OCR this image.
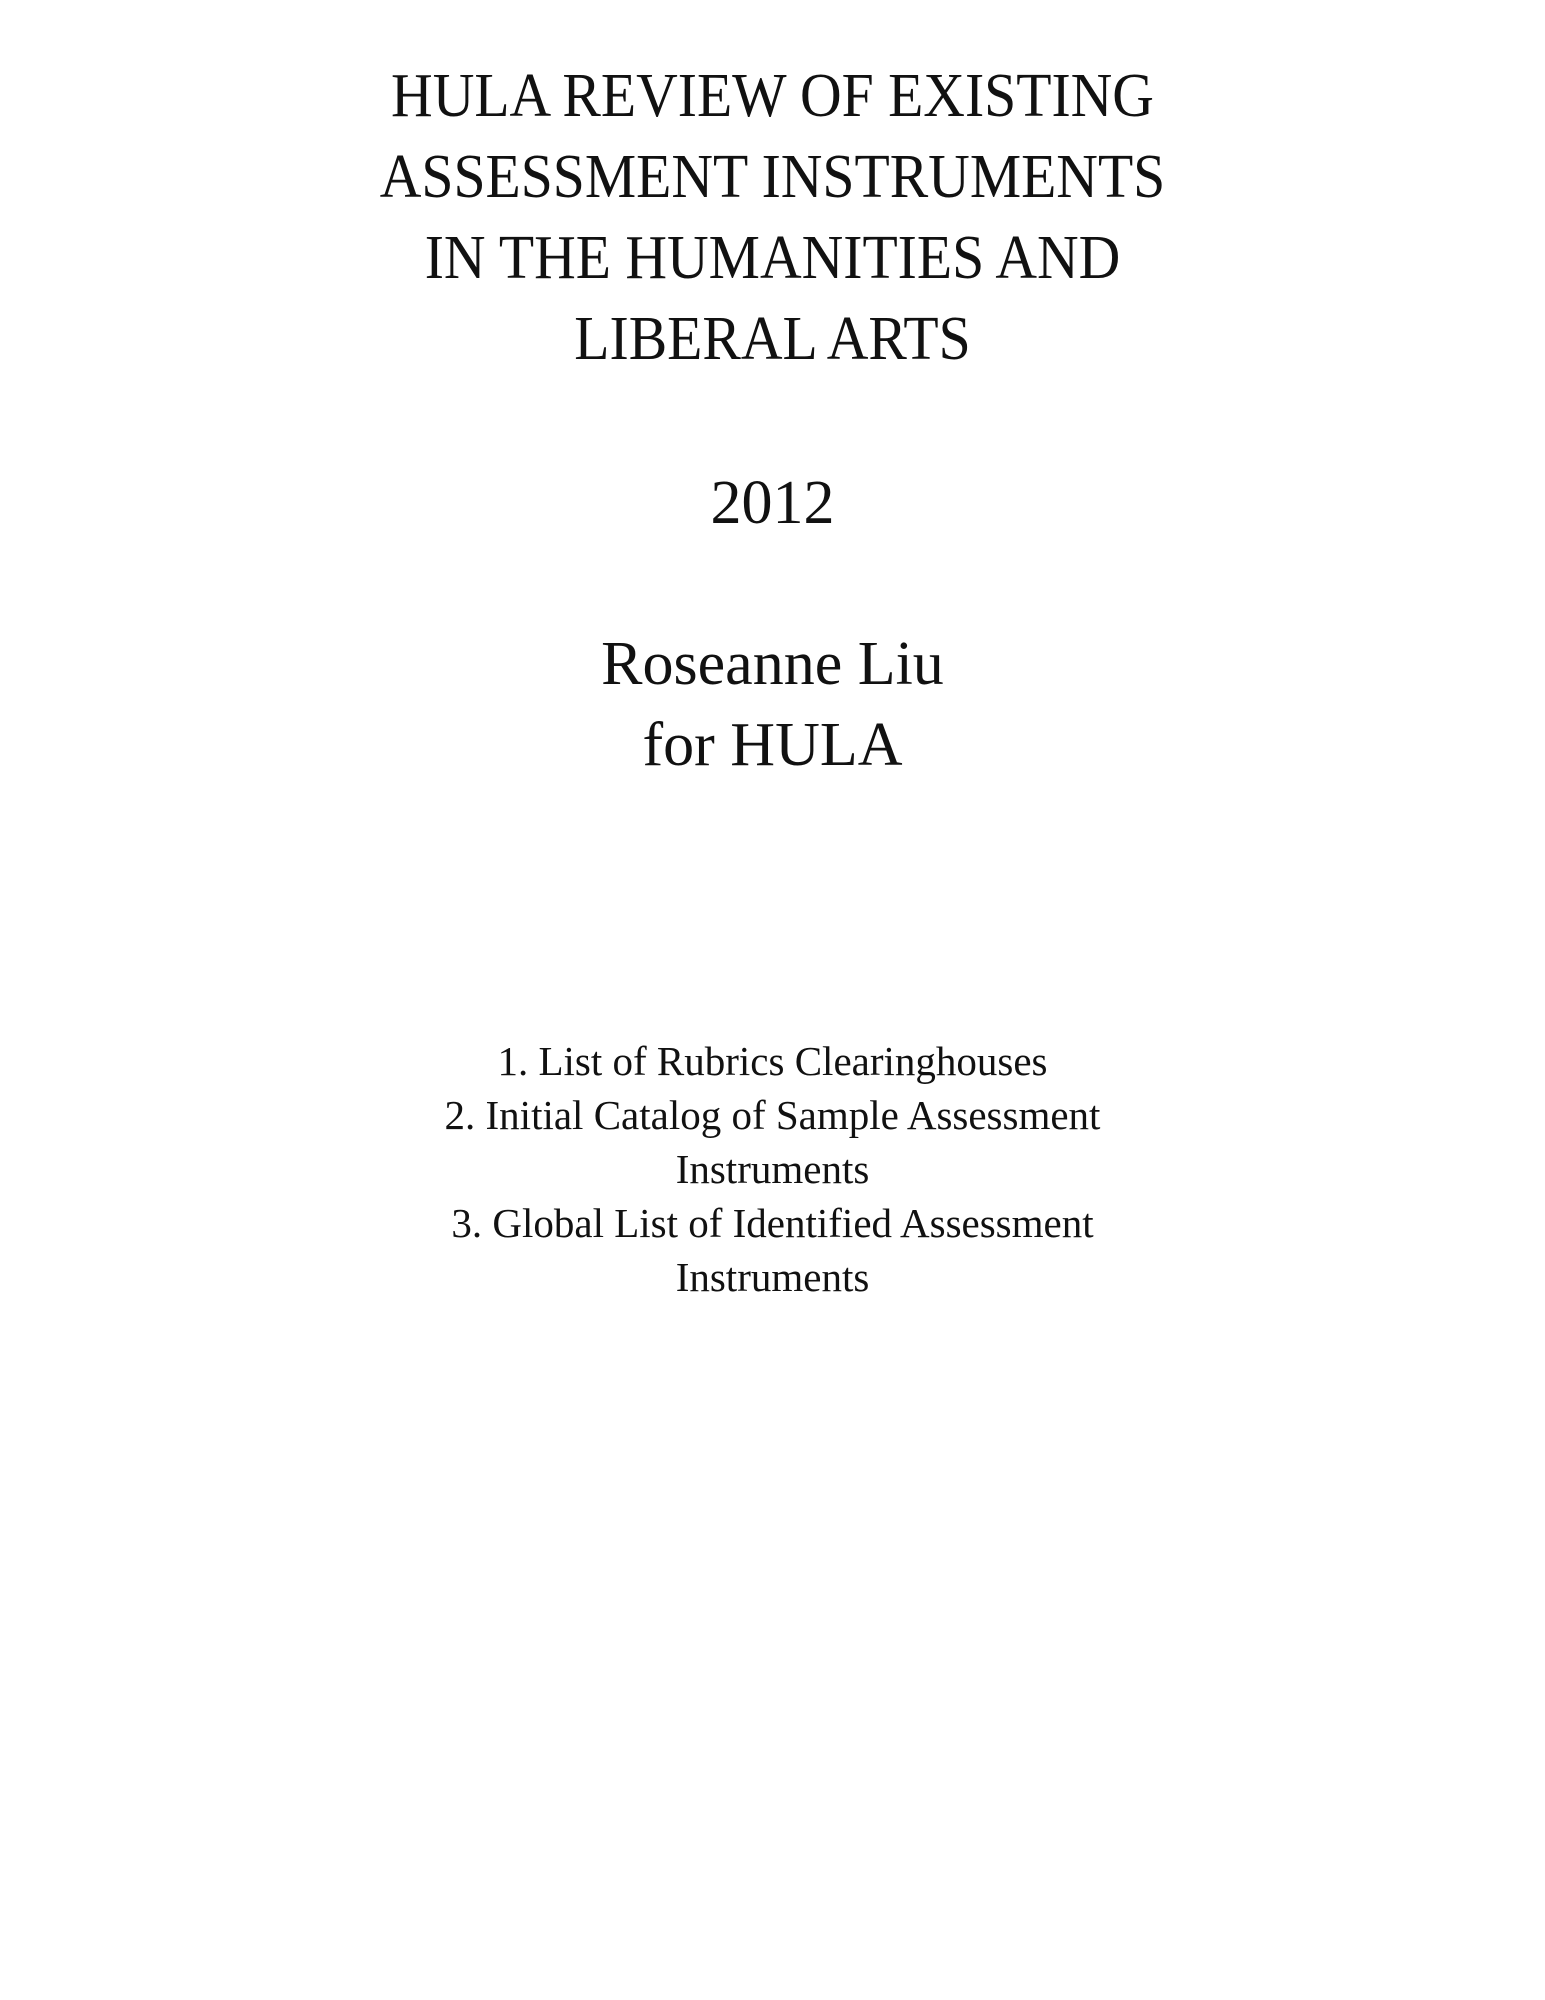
HULA REVIEW OF EXISTING
ASSESSMENT INSTRUMENTS
IN THE HUMANITIES AND
LIBERAL ARTS
2012
Roseanne Liu
for HULA
1. List of Rubrics Clearinghouses
2. Initial Catalog of Sample Assessment
Instruments
3. Global List of Identified Assessment
Instruments
